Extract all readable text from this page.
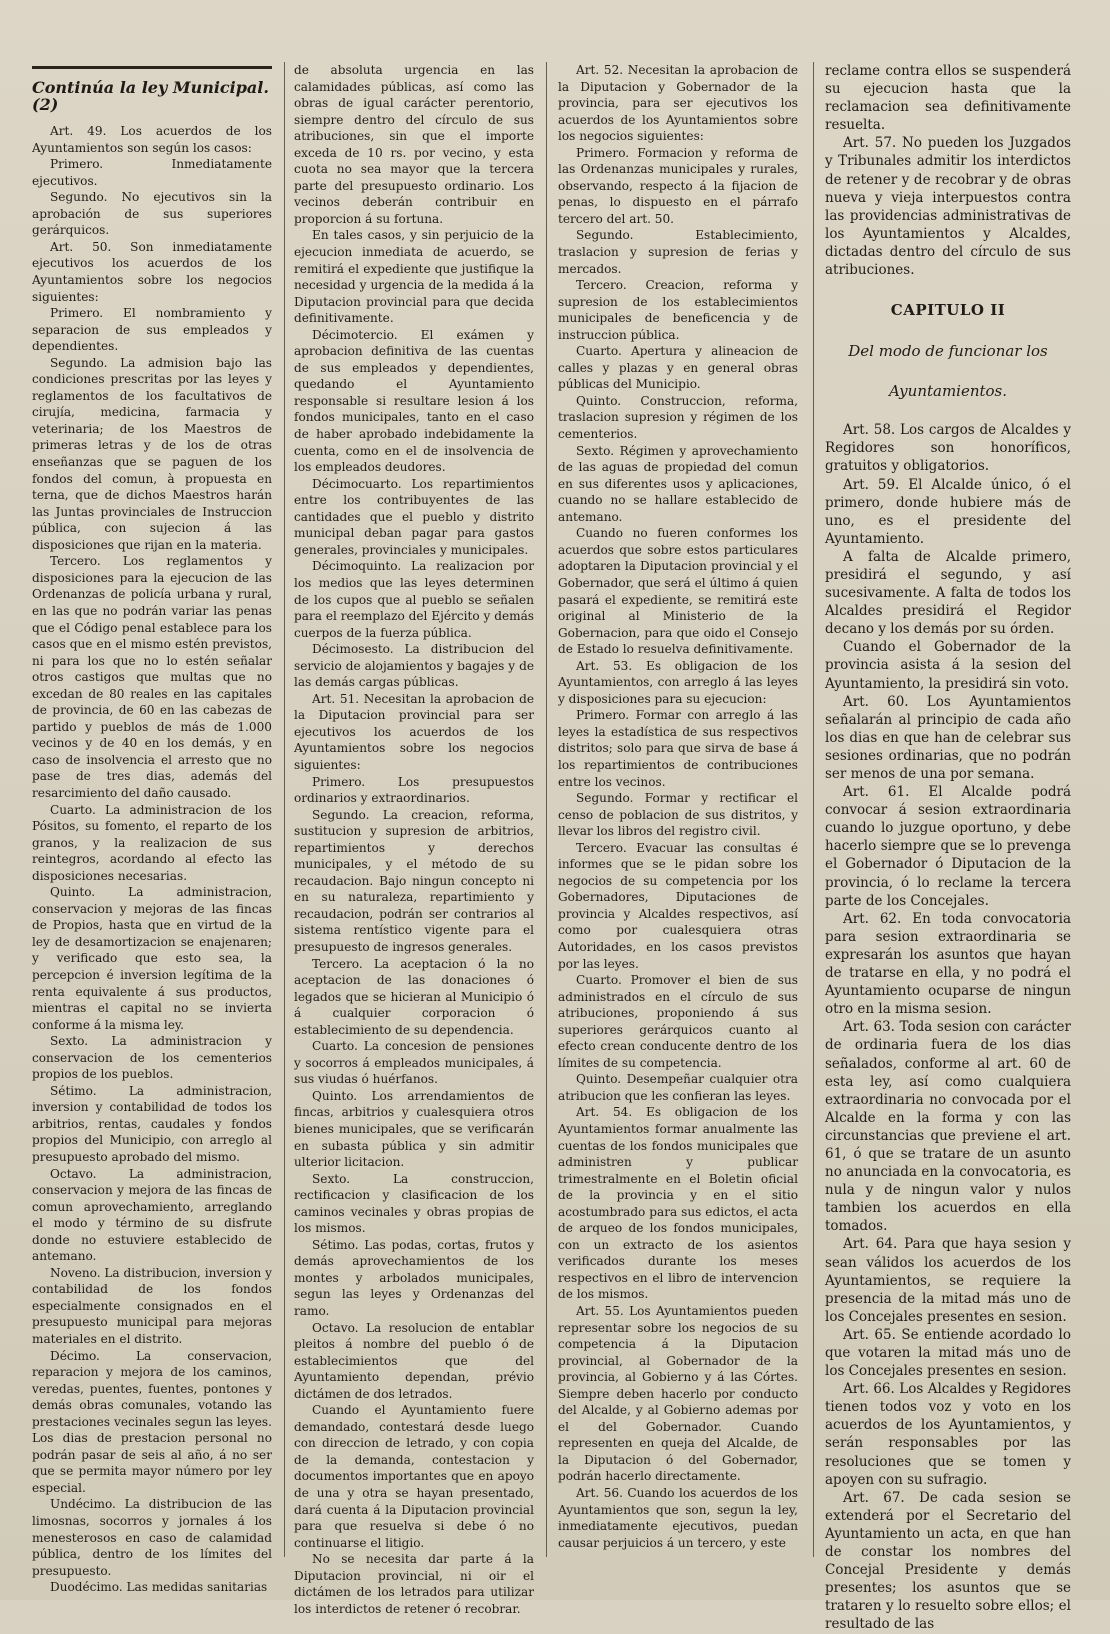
Continúa la ley Municipal. (2)

Art. 49. Los acuerdos de los Ayuntamientos son según los casos:

Primero. Inmediatamente ejecutivos.

Segundo. No ejecutivos sin la aprobación de sus superiores gerárquicos.

Art. 50. Son inmediatamente ejecutivos los acuerdos de los Ayuntamientos sobre los negocios siguientes:

Primero. El nombramiento y separacion de sus empleados y dependientes.

Segundo. La admision bajo las condiciones prescritas por las leyes y reglamentos de los facultativos de cirujía, medicina, farmacia y veterinaria; de los Maestros de primeras letras y de los de otras enseñanzas que se paguen de los fondos del comun, à propuesta en terna, que de dichos Maestros harán las Juntas provinciales de Instruccion pública, con sujecion á las disposiciones que rijan en la materia.

Tercero. Los reglamentos y disposiciones para la ejecucion de las Ordenanzas de policía urbana y rural, en las que no podrán variar las penas que el Código penal establece para los casos que en el mismo estén previstos, ni para los que no lo estén señalar otros castigos que multas que no excedan de 80 reales en las capitales de provincia, de 60 en las cabezas de partido y pueblos de más de 1.000 vecinos y de 40 en los demás, y en caso de insolvencia el arresto que no pase de tres dias, además del resarcimiento del daño causado.

Cuarto. La administracion de los Pósitos, su fomento, el reparto de los granos, y la realizacion de sus reintegros, acordando al efecto las disposiciones necesarias.

Quinto. La administracion, conservacion y mejoras de las fincas de Propios, hasta que en virtud de la ley de desamortizacion se enajenaren; y verificado que esto sea, la percepcion é inversion legítima de la renta equivalente á sus productos, mientras el capital no se invierta conforme á la misma ley.

Sexto. La administracion y conservacion de los cementerios propios de los pueblos.

Sétimo. La administracion, inversion y contabilidad de todos los arbitrios, rentas, caudales y fondos propios del Municipio, con arreglo al presupuesto aprobado del mismo.

Octavo. La administracion, conservacion y mejora de las fincas de comun aprovechamiento, arreglando el modo y término de su disfrute donde no estuviere establecido de antemano.

Noveno. La distribucion, inversion y contabilidad de los fondos especialmente consignados en el presupuesto municipal para mejoras materiales en el distrito.

Décimo. La conservacion, reparacion y mejora de los caminos, veredas, puentes, fuentes, pontones y demás obras comunales, votando las prestaciones vecinales segun las leyes. Los dias de prestacion personal no podrán pasar de seis al año, á no ser que se permita mayor número por ley especial.

Undécimo. La distribucion de las limosnas, socorros y jornales á los menesterosos en caso de calamidad pública, dentro de los límites del presupuesto.

Duodécimo. Las medidas sanitarias

de absoluta urgencia en las calamidades públicas, así como las obras de igual carácter perentorio, siempre dentro del círculo de sus atribuciones, sin que el importe exceda de 10 rs. por vecino, y esta cuota no sea mayor que la tercera parte del presupuesto ordinario. Los vecinos deberán contribuir en proporcion á su fortuna.

En tales casos, y sin perjuicio de la ejecucion inmediata de acuerdo, se remitirá el expediente que justifique la necesidad y urgencia de la medida á la Diputacion provincial para que decida definitivamente.

Décimotercio. El exámen y aprobacion definitiva de las cuentas de sus empleados y dependientes, quedando el Ayuntamiento responsable si resultare lesion á los fondos municipales, tanto en el caso de haber aprobado indebidamente la cuenta, como en el de insolvencia de los empleados deudores.

Décimocuarto. Los repartimientos entre los contribuyentes de las cantidades que el pueblo y distrito municipal deban pagar para gastos generales, provinciales y municipales.

Décimoquinto. La realizacion por los medios que las leyes determinen de los cupos que al pueblo se señalen para el reemplazo del Ejército y demás cuerpos de la fuerza pública.

Décimosesto. La distribucion del servicio de alojamientos y bagajes y de las demás cargas públicas.

Art. 51. Necesitan la aprobacion de la Diputacion provincial para ser ejecutivos los acuerdos de los Ayuntamientos sobre los negocios siguientes:

Primero. Los presupuestos ordinarios y extraordinarios.

Segundo. La creacion, reforma, sustitucion y supresion de arbitrios, repartimientos y derechos municipales, y el método de su recaudacion. Bajo ningun concepto ni en su naturaleza, repartimiento y recaudacion, podrán ser contrarios al sistema rentístico vigente para el presupuesto de ingresos generales.

Tercero. La aceptacion ó la no aceptacion de las donaciones ó legados que se hicieran al Municipio ó á cualquier corporacion ó establecimiento de su dependencia.

Cuarto. La concesion de pensiones y socorros á empleados municipales, á sus viudas ó huérfanos.

Quinto. Los arrendamientos de fincas, arbitrios y cualesquiera otros bienes municipales, que se verificarán en subasta pública y sin admitir ulterior licitacion.

Sexto. La construccion, rectificacion y clasificacion de los caminos vecinales y obras propias de los mismos.

Sétimo. Las podas, cortas, frutos y demás aprovechamientos de los montes y arbolados municipales, segun las leyes y Ordenanzas del ramo.

Octavo. La resolucion de entablar pleitos á nombre del pueblo ó de establecimientos que del Ayuntamiento dependan, prévio dictámen de dos letrados.

Cuando el Ayuntamiento fuere demandado, contestará desde luego con direccion de letrado, y con copia de la demanda, contestacion y documentos importantes que en apoyo de una y otra se hayan presentado, dará cuenta á la Diputacion provincial para que resuelva si debe ó no continuarse el litigio.

No se necesita dar parte á la Diputacion provincial, ni oir el dictámen de los letrados para utilizar los interdictos de retener ó recobrar.

Art. 52. Necesitan la aprobacion de la Diputacion y Gobernador de la provincia, para ser ejecutivos los acuerdos de los Ayuntamientos sobre los negocios siguientes:

Primero. Formacion y reforma de las Ordenanzas municipales y rurales, observando, respecto á la fijacion de penas, lo dispuesto en el párrafo tercero del art. 50.

Segundo. Establecimiento, traslacion y supresion de ferias y mercados.

Tercero. Creacion, reforma y supresion de los establecimientos municipales de beneficencia y de instruccion pública.

Cuarto. Apertura y alineacion de calles y plazas y en general obras públicas del Municipio.

Quinto. Construccion, reforma, traslacion supresion y régimen de los cementerios.

Sexto. Régimen y aprovechamiento de las aguas de propiedad del comun en sus diferentes usos y aplicaciones, cuando no se hallare establecido de antemano.

Cuando no fueren conformes los acuerdos que sobre estos particulares adoptaren la Diputacion provincial y el Gobernador, que será el último á quien pasará el expediente, se remitirá este original al Ministerio de la Gobernacion, para que oido el Consejo de Estado lo resuelva definitivamente.

Art. 53. Es obligacion de los Ayuntamientos, con arreglo á las leyes y disposiciones para su ejecucion:

Primero. Formar con arreglo á las leyes la estadística de sus respectivos distritos; solo para que sirva de base á los repartimientos de contribuciones entre los vecinos.

Segundo. Formar y rectificar el censo de poblacion de sus distritos, y llevar los libros del registro civil.

Tercero. Evacuar las consultas é informes que se le pidan sobre los negocios de su competencia por los Gobernadores, Diputaciones de provincia y Alcaldes respectivos, así como por cualesquiera otras Autoridades, en los casos previstos por las leyes.

Cuarto. Promover el bien de sus administrados en el círculo de sus atribuciones, proponiendo á sus superiores gerárquicos cuanto al efecto crean conducente dentro de los límites de su competencia.

Quinto. Desempeñar cualquier otra atribucion que les confieran las leyes.

Art. 54. Es obligacion de los Ayuntamientos formar anualmente las cuentas de los fondos municipales que administren y publicar trimestralmente en el Boletin oficial de la provincia y en el sitio acostumbrado para sus edictos, el acta de arqueo de los fondos municipales, con un extracto de los asientos verificados durante los meses respectivos en el libro de intervencion de los mismos.

Art. 55. Los Ayuntamientos pueden representar sobre los negocios de su competencia á la Diputacion provincial, al Gobernador de la provincia, al Gobierno y á las Córtes. Siempre deben hacerlo por conducto del Alcalde, y al Gobierno ademas por el del Gobernador. Cuando representen en queja del Alcalde, de la Diputacion ó del Gobernador, podrán hacerlo directamente.

Art. 56. Cuando los acuerdos de los Ayuntamientos que son, segun la ley, inmediatamente ejecutivos, puedan causar perjuicios á un tercero, y este

reclame contra ellos se suspenderá su ejecucion hasta que la reclamacion sea definitivamente resuelta.

Art. 57. No pueden los Juzgados y Tribunales admitir los interdictos de retener y de recobrar y de obras nueva y vieja interpuestos contra las providencias administrativas de los Ayuntamientos y Alcaldes, dictadas dentro del círculo de sus atribuciones.

CAPITULO II
Del modo de funcionar los Ayuntamientos.

Art. 58. Los cargos de Alcaldes y Regidores son honoríficos, gratuitos y obligatorios.

Art. 59. El Alcalde único, ó el primero, donde hubiere más de uno, es el presidente del Ayuntamiento.

A falta de Alcalde primero, presidirá el segundo, y así sucesivamente. A falta de todos los Alcaldes presidirá el Regidor decano y los demás por su órden.

Cuando el Gobernador de la provincia asista á la sesion del Ayuntamiento, la presidirá sin voto.

Art. 60. Los Ayuntamientos señalarán al principio de cada año los dias en que han de celebrar sus sesiones ordinarias, que no podrán ser menos de una por semana.

Art. 61. El Alcalde podrá convocar á sesion extraordinaria cuando lo juzgue oportuno, y debe hacerlo siempre que se lo prevenga el Gobernador ó Diputacion de la provincia, ó lo reclame la tercera parte de los Concejales.

Art. 62. En toda convocatoria para sesion extraordinaria se expresarán los asuntos que hayan de tratarse en ella, y no podrá el Ayuntamiento ocuparse de ningun otro en la misma sesion.

Art. 63. Toda sesion con carácter de ordinaria fuera de los dias señalados, conforme al art. 60 de esta ley, así como cualquiera extraordinaria no convocada por el Alcalde en la forma y con las circunstancias que previene el art. 61, ó que se tratare de un asunto no anunciada en la convocatoria, es nula y de ningun valor y nulos tambien los acuerdos en ella tomados.

Art. 64. Para que haya sesion y sean válidos los acuerdos de los Ayuntamientos, se requiere la presencia de la mitad más uno de los Concejales presentes en sesion.

Art. 65. Se entiende acordado lo que votaren la mitad más uno de los Concejales presentes en sesion.

Art. 66. Los Alcaldes y Regidores tienen todos voz y voto en los acuerdos de los Ayuntamientos, y serán responsables por las resoluciones que se tomen y apoyen con su sufragio.

Art. 67. De cada sesion se extenderá por el Secretario del Ayuntamiento un acta, en que han de constar los nombres del Concejal Presidente y demás presentes; los asuntos que se trataren y lo resuelto sobre ellos; el resultado de las
